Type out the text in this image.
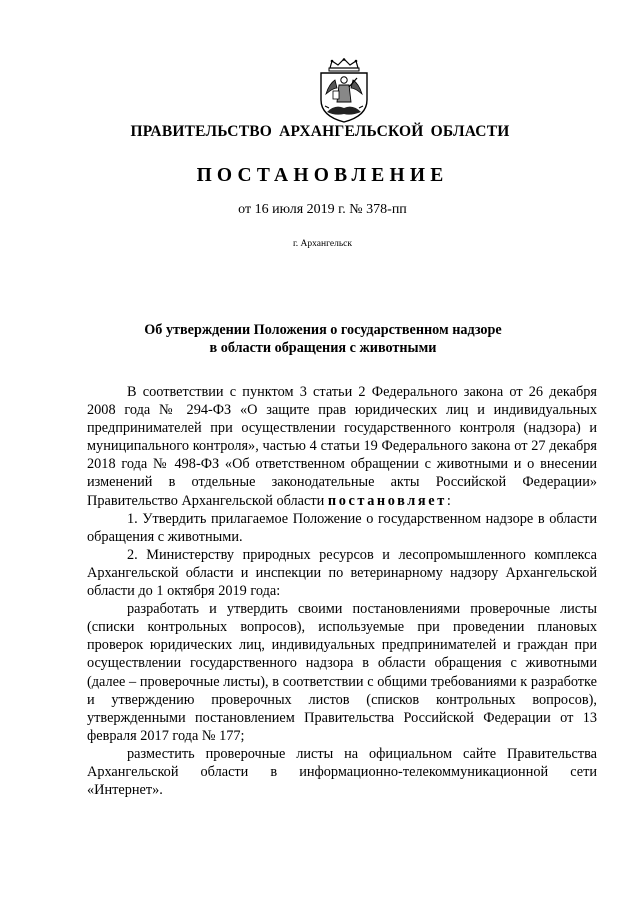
ПРАВИТЕЛЬСТВО АРХАНГЕЛЬСКОЙ ОБЛАСТИ
ПОСТАНОВЛЕНИЕ
от 16 июля 2019 г. № 378-пп
г. Архангельск
Об утверждении Положения о государственном надзоре
в области обращения с животными

В соответствии с пунктом 3 статьи 2 Федерального закона от 26 декабря 2008 года № 294-ФЗ «О защите прав юридических лиц и индивидуальных предпринимателей при осуществлении государственного контроля (надзора) и муниципального контроля», частью 4 статьи 19 Федерального закона от 27 декабря 2018 года № 498-ФЗ «Об ответственном обращении с животными и о внесении изменений в отдельные законодательные акты Российской Федерации» Правительство Архангельской области постановляет:

1. Утвердить прилагаемое Положение о государственном надзоре в области обращения с животными.

2. Министерству природных ресурсов и лесопромышленного комплекса Архангельской области и инспекции по ветеринарному надзору Архангельской области до 1 октября 2019 года:

разработать и утвердить своими постановлениями проверочные листы (списки контрольных вопросов), используемые при проведении плановых проверок юридических лиц, индивидуальных предпринимателей и граждан при осуществлении государственного надзора в области обращения с животными (далее – проверочные листы), в соответствии с общими требованиями к разработке и утверждению проверочных листов (списков контрольных вопросов), утвержденными постановлением Правительства Российской Федерации от 13 февраля 2017 года № 177;

разместить проверочные листы на официальном сайте Правительства Архангельской области в информационно-телекоммуникационной сети «Интернет».
